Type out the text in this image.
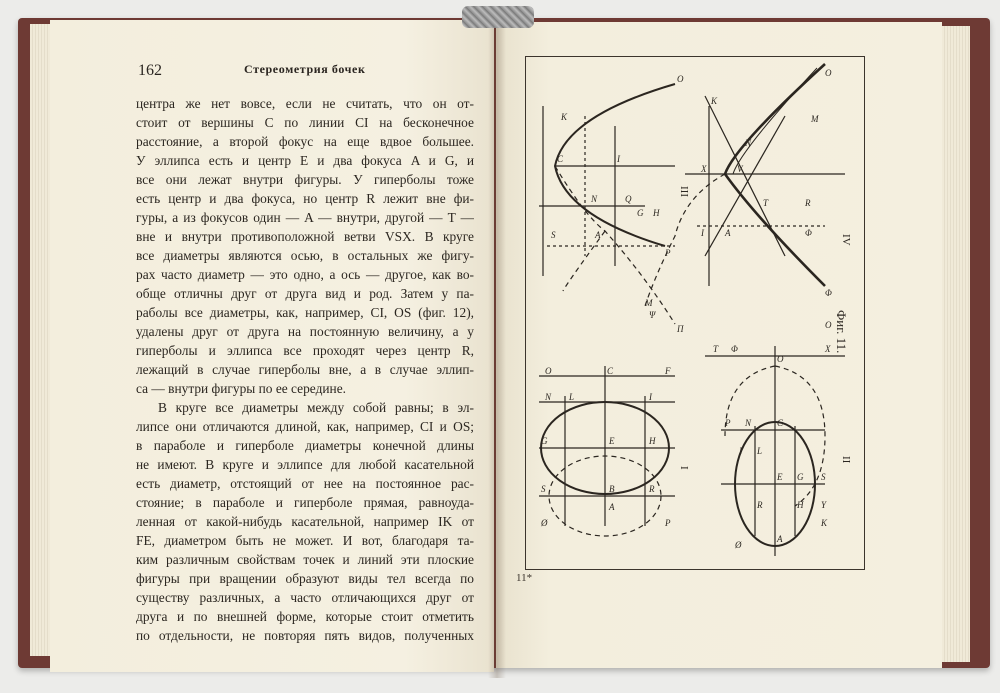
162	Стереометрия бочек
центра же нет вовсе, если не считать, что он от-
стоит от вершины C по линии CI на бесконечное
расстояние, а второй фокус на еще вдвое большее.
У эллипса есть и центр E и два фокуса A и G, и
все они лежат внутри фигуры. У гиперболы тоже
есть центр и два фокуса, но центр R лежит вне фи-
гуры, а из фокусов один — A — внутри, другой — T —
вне и внутри противоположной ветви VSX. В круге
все диаметры являются осью, в остальных же фигу-
рах часто диаметр — это одно, а ось — другое, как во-
обще отличны друг от друга вид и род. Затем у па-
раболы все диаметры, как, например, CI, OS (фиг. 12),
удалены друг от друга на постоянную величину, а у
гиперболы и эллипса все проходят через центр R,
лежащий в случае гиперболы вне, а в случае эллип-
са — внутри фигуры по ее середине.
В круге все диаметры между собой равны; в эл-
липсе они отличаются длиной, как, например, CI и OS;
в параболе и гиперболе диаметры конечной длины
не имеют. В круге и эллипсе для любой касательной
есть диаметр, отстоящий от нее на постоянное рас-
стояние; в параболе и гиперболе прямая, равноуда-
ленная от какой-нибудь касательной, например IK от
FE, диаметром быть не может. И вот, благодаря та-
ким различным свойствам точек и линий эти плоские
фигуры при вращении образуют виды тел всегда по
существу различных, а часто отличающихся друг от
друга и по внешней форме, которые стоит отметить
по отдельности, не повторяя пять видов, полученных
O
K
C	I
N	Q
S	A
G H
P
M
Π
O
K
M
N
X	V
T	R
I A	Φ
Φ
Ψ
O
O	C	F
N L	I
E
G	H
B
A
S	R
P
Ø
T Φ	X
O
P N	C
L
I
E G S
H
R	Y
K
A
Ø
III
IV
I
II
Фиг. 11.
11*
